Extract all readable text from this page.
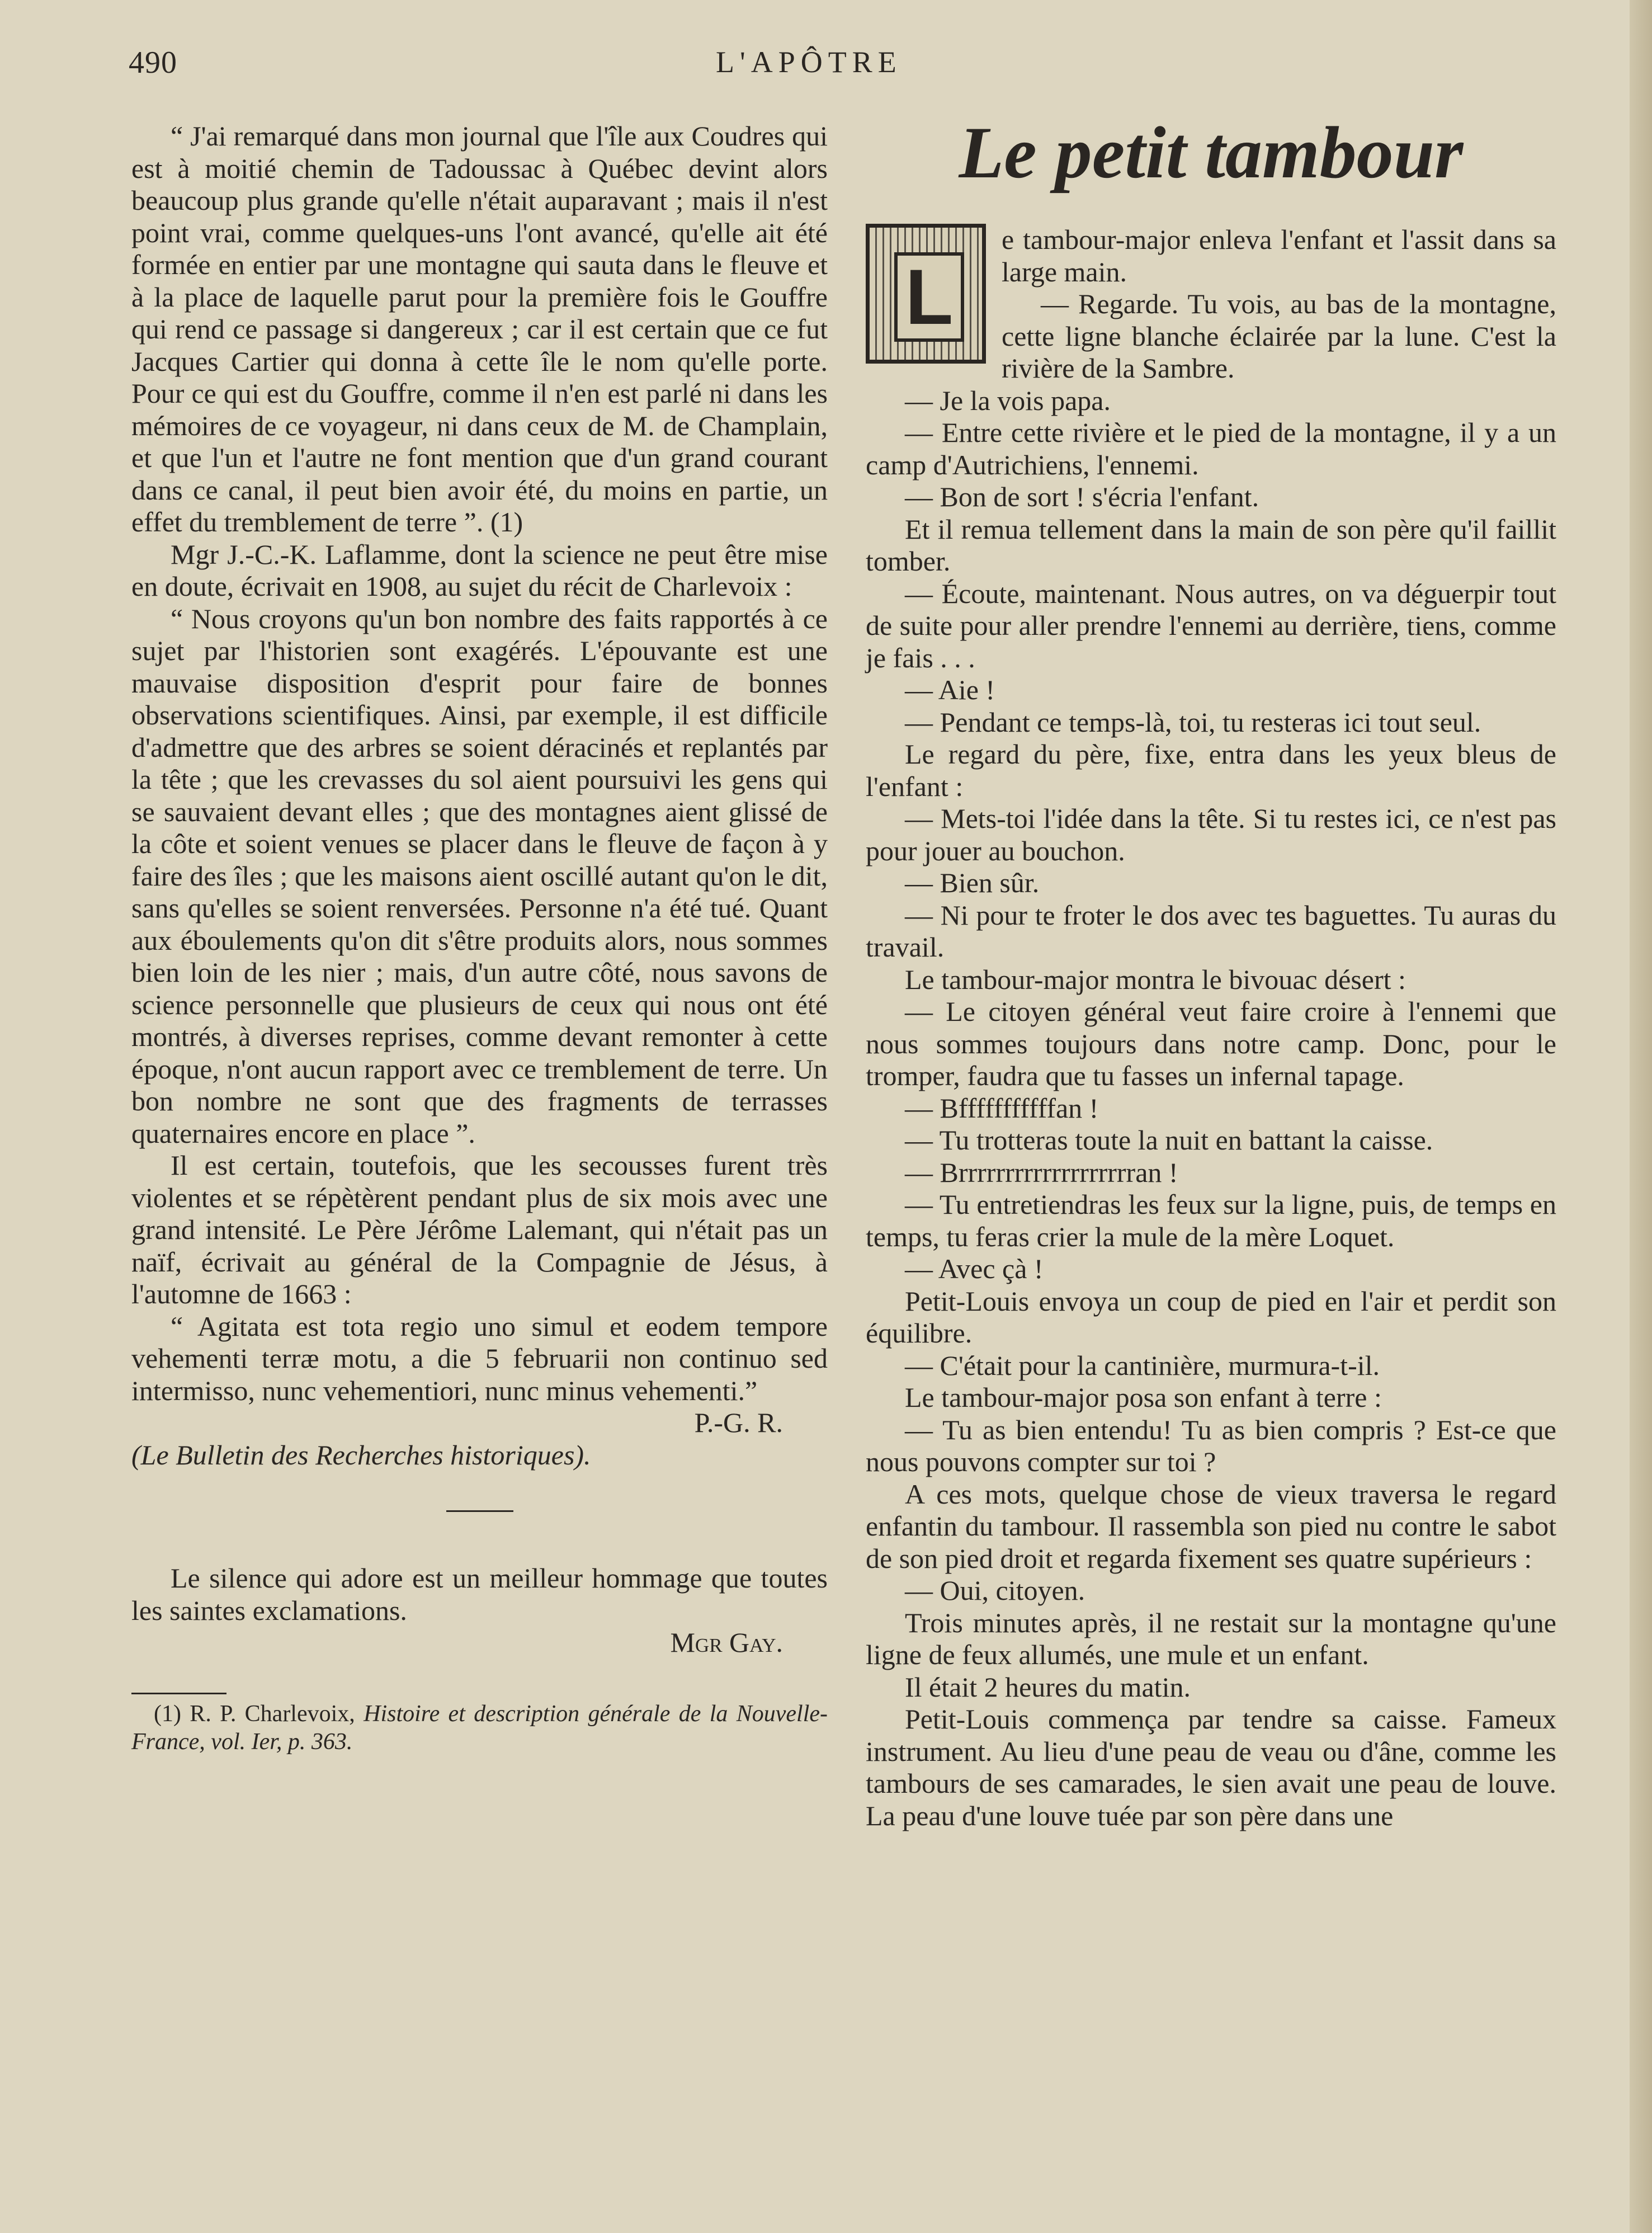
490	L'APÔTRE

“ J'ai remarqué dans mon journal que l'île aux Coudres qui est à moitié chemin de Tadoussac à Québec devint alors beaucoup plus grande qu'elle n'était auparavant ; mais il n'est point vrai, comme quelques-uns l'ont avancé, qu'elle ait été formée en entier par une montagne qui sauta dans le fleuve et à la place de laquelle parut pour la première fois le Gouffre qui rend ce passage si dangereux ; car il est certain que ce fut Jacques Cartier qui donna à cette île le nom qu'elle porte. Pour ce qui est du Gouffre, comme il n'en est parlé ni dans les mémoires de ce voyageur, ni dans ceux de M. de Champlain, et que l'un et l'autre ne font mention que d'un grand courant dans ce canal, il peut bien avoir été, du moins en partie, un effet du tremblement de terre ”. (1)

Mgr J.-C.-K. Laflamme, dont la science ne peut être mise en doute, écrivait en 1908, au sujet du récit de Charlevoix :

“ Nous croyons qu'un bon nombre des faits rapportés à ce sujet par l'historien sont exagérés. L'épouvante est une mauvaise disposition d'esprit pour faire de bonnes observations scientifiques. Ainsi, par exemple, il est difficile d'admettre que des arbres se soient déracinés et replantés par la tête ; que les crevasses du sol aient poursuivi les gens qui se sauvaient devant elles ; que des montagnes aient glissé de la côte et soient venues se placer dans le fleuve de façon à y faire des îles ; que les maisons aient oscillé autant qu'on le dit, sans qu'elles se soient renversées. Personne n'a été tué. Quant aux éboulements qu'on dit s'être produits alors, nous sommes bien loin de les nier ; mais, d'un autre côté, nous savons de science personnelle que plusieurs de ceux qui nous ont été montrés, à diverses reprises, comme devant remonter à cette époque, n'ont aucun rapport avec ce tremblement de terre. Un bon nombre ne sont que des fragments de terrasses quaternaires encore en place ”.

Il est certain, toutefois, que les secousses furent très violentes et se répètèrent pendant plus de six mois avec une grand intensité. Le Père Jérôme Lalemant, qui n'était pas un naïf, écrivait au général de la Compagnie de Jésus, à l'automne de 1663 :

“ Agitata est tota regio uno simul et eodem tempore vehementi terræ motu, a die 5 februarii non continuo sed intermisso, nunc vehementiori, nunc minus vehementi.”

P.-G. R.

(Le Bulletin des Recherches historiques).

Le silence qui adore est un meilleur hommage que toutes les saintes exclamations.

Mgr Gay.

(1) R. P. Charlevoix, Histoire et description générale de la Nouvelle-France, vol. Ier, p. 363.

Le petit tambour
L

e tambour-major enleva l'enfant et l'assit dans sa large main.

— Regarde. Tu vois, au bas de la montagne, cette ligne blanche éclairée par la lune. C'est la rivière de la Sambre.

— Je la vois papa.

— Entre cette rivière et le pied de la montagne, il y a un camp d'Autrichiens, l'ennemi.

— Bon de sort ! s'écria l'enfant.

Et il remua tellement dans la main de son père qu'il faillit tomber.

— Écoute, maintenant. Nous autres, on va déguerpir tout de suite pour aller prendre l'ennemi au derrière, tiens, comme je fais . . .

— Aie !

— Pendant ce temps-là, toi, tu resteras ici tout seul.

Le regard du père, fixe, entra dans les yeux bleus de l'enfant :

— Mets-toi l'idée dans la tête. Si tu restes ici, ce n'est pas pour jouer au bouchon.

— Bien sûr.

— Ni pour te froter le dos avec tes baguettes. Tu auras du travail.

Le tambour-major montra le bivouac désert :

— Le citoyen général veut faire croire à l'ennemi que nous sommes toujours dans notre camp. Donc, pour le tromper, faudra que tu fasses un infernal tapage.

— Bfffffffffffan !

— Tu trotteras toute la nuit en battant la caisse.

— Brrrrrrrrrrrrrrrrrrran !

— Tu entretiendras les feux sur la ligne, puis, de temps en temps, tu feras crier la mule de la mère Loquet.

— Avec çà !

Petit-Louis envoya un coup de pied en l'air et perdit son équilibre.

— C'était pour la cantinière, murmura-t-il.

Le tambour-major posa son enfant à terre :

— Tu as bien entendu! Tu as bien compris ? Est-ce que nous pouvons compter sur toi ?

A ces mots, quelque chose de vieux traversa le regard enfantin du tambour. Il rassembla son pied nu contre le sabot de son pied droit et regarda fixement ses quatre supérieurs :

— Oui, citoyen.

Trois minutes après, il ne restait sur la montagne qu'une ligne de feux allumés, une mule et un enfant.

Il était 2 heures du matin.

Petit-Louis commença par tendre sa caisse. Fameux instrument. Au lieu d'une peau de veau ou d'âne, comme les tambours de ses camarades, le sien avait une peau de louve. La peau d'une louve tuée par son père dans une
